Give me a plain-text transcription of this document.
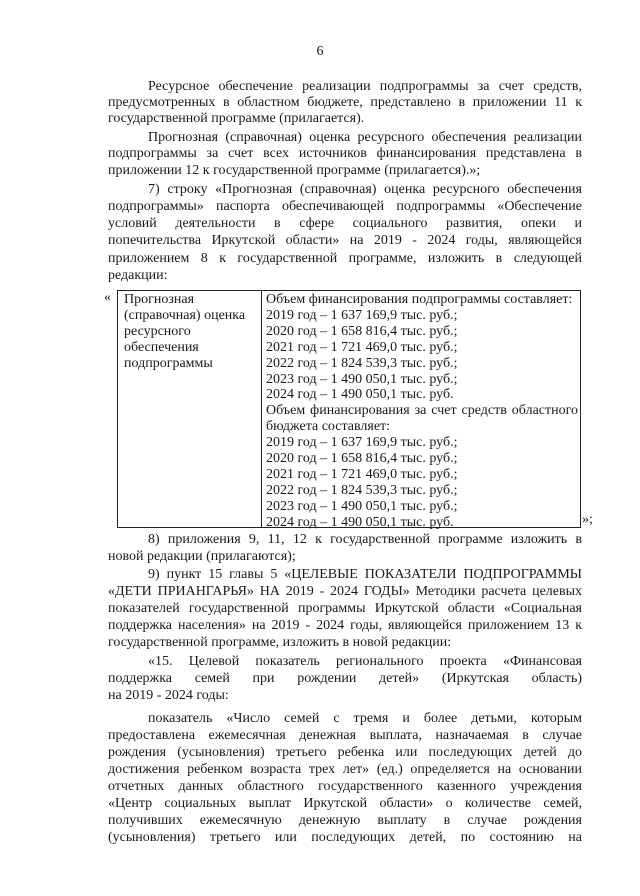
6
Ресурсное обеспечение реализации подпрограммы за счет средств,
предусмотренных в областном бюджете, представлено в приложении 11 к
государственной программе (прилагается).
Прогнозная (справочная) оценка ресурсного обеспечения реализации
подпрограммы за счет всех источников финансирования представлена в
приложении 12 к государственной программе (прилагается).»;
7) строку «Прогнозная (справочная) оценка ресурсного обеспечения
подпрограммы» паспорта обеспечивающей подпрограммы «Обеспечение
условий деятельности в сфере социального развития, опеки и
попечительства Иркутской области» на 2019 - 2024 годы, являющейся
приложением 8 к государственной программе, изложить в следующей
редакции:
« Прогнозная
(справочная) оценка
ресурсного
обеспечения
подпрограммы
Объем финансирования подпрограммы составляет:
2019 год – 1 637 169,9 тыс. руб.;
2020 год – 1 658 816,4 тыс. руб.;
2021 год – 1 721 469,0 тыс. руб.;
2022 год – 1 824 539,3 тыс. руб.;
2023 год – 1 490 050,1 тыс. руб.;
2024 год – 1 490 050,1 тыс. руб.
Объем финансирования за счет средств областного
бюджета составляет:
2019 год – 1 637 169,9 тыс. руб.;
2020 год – 1 658 816,4 тыс. руб.;
2021 год – 1 721 469,0 тыс. руб.;
2022 год – 1 824 539,3 тыс. руб.;
2023 год – 1 490 050,1 тыс. руб.;
2024 год – 1 490 050,1 тыс. руб.	»;
8) приложения 9, 11, 12 к государственной программе изложить в
новой редакции (прилагаются);
9) пункт 15 главы 5 «ЦЕЛЕВЫЕ ПОКАЗАТЕЛИ ПОДПРОГРАММЫ
«ДЕТИ ПРИАНГАРЬЯ» НА 2019 - 2024 ГОДЫ» Методики расчета целевых
показателей государственной программы Иркутской области «Социальная
поддержка населения» на 2019 - 2024 годы, являющейся приложением 13 к
государственной программе, изложить в новой редакции:
«15. Целевой показатель регионального проекта «Финансовая
поддержка семей при рождении детей» (Иркутская область)
на 2019 - 2024 годы:
показатель «Число семей с тремя и более детьми, которым
предоставлена ежемесячная денежная выплата, назначаемая в случае
рождения (усыновления) третьего ребенка или последующих детей до
достижения ребенком возраста трех лет» (ед.) определяется на основании
отчетных данных областного государственного казенного учреждения
«Центр социальных выплат Иркутской области» о количестве семей,
получивших ежемесячную денежную выплату в случае рождения
(усыновления) третьего или последующих детей, по состоянию на
